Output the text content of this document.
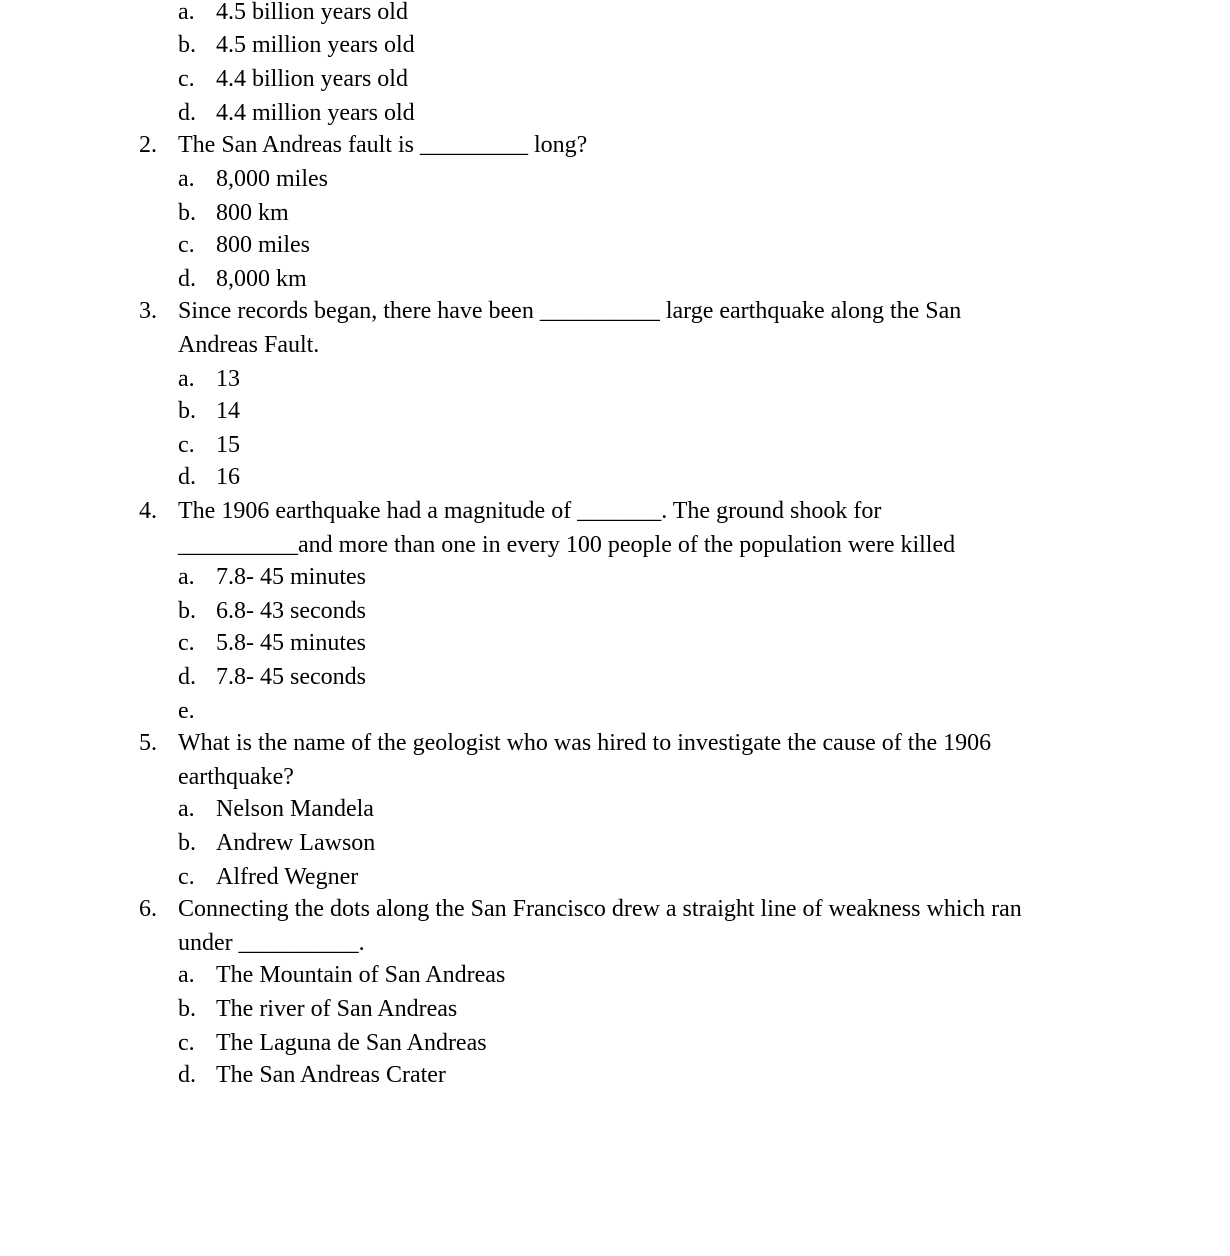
a. 4.5 billion years old
b. 4.5 million years old
c. 4.4 billion years old
d. 4.4 million years old
2. The San Andreas fault is _________ long?
a. 8,000 miles
b. 800 km
c. 800 miles
d. 8,000 km
3. Since records began, there have been __________ large earthquake along the San
Andreas Fault.
a. 13
b. 14
c. 15
d. 16
4. The 1906 earthquake had a magnitude of _______. The ground shook for
__________and more than one in every 100 people of the population were killed
a. 7.8- 45 minutes
b. 6.8- 43 seconds
c. 5.8- 45 minutes
d. 7.8- 45 seconds
e.
5. What is the name of the geologist who was hired to investigate the cause of the 1906
earthquake?
a. Nelson Mandela
b. Andrew Lawson
c. Alfred Wegner
6. Connecting the dots along the San Francisco drew a straight line of weakness which ran
under __________.
a. The Mountain of San Andreas
b. The river of San Andreas
c. The Laguna de San Andreas
d. The San Andreas Crater
